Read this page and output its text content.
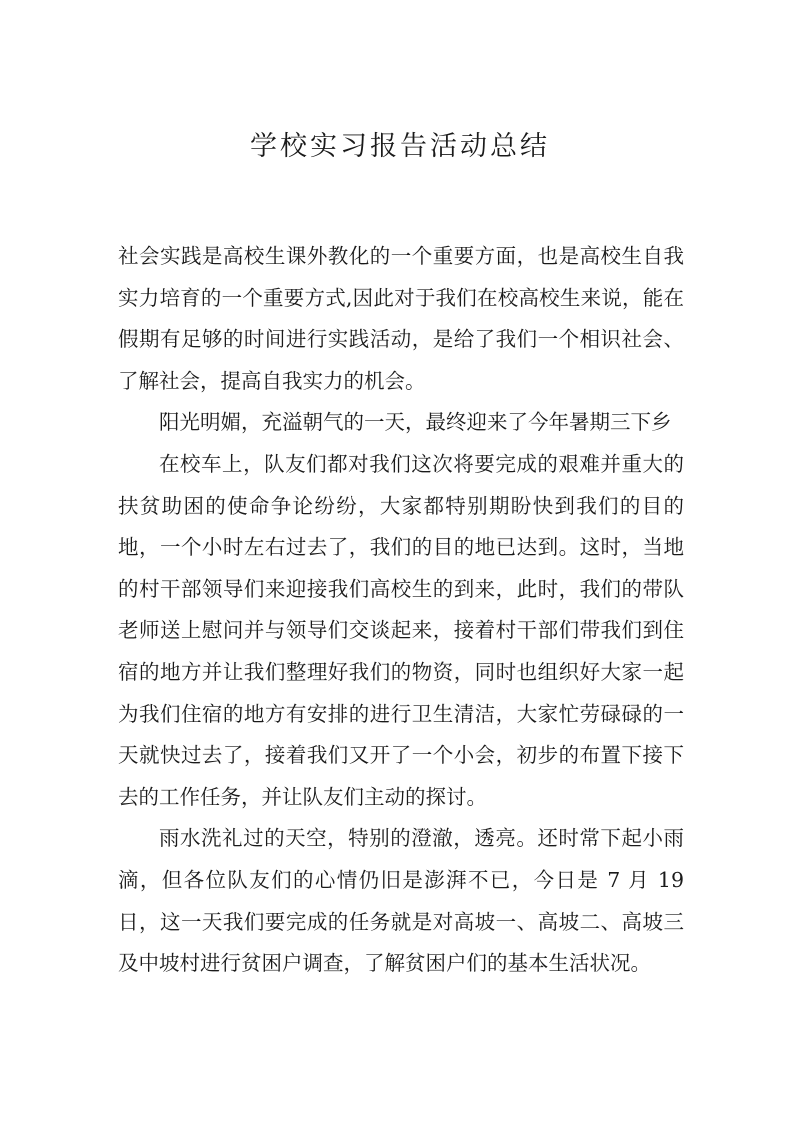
学校实习报告活动总结

社会实践是高校生课外教化的一个重要方面，也是高校生自我实力培育的一个重要方式,因此对于我们在校高校生来说，能在假期有足够的时间进行实践活动，是给了我们一个相识社会、了解社会，提高自我实力的机会。

阳光明媚，充溢朝气的一天，最终迎来了今年暑期三下乡

在校车上，队友们都对我们这次将要完成的艰难并重大的扶贫助困的使命争论纷纷，大家都特别期盼快到我们的目的地，一个小时左右过去了，我们的目的地已达到。这时，当地的村干部领导们来迎接我们高校生的到来，此时，我们的带队老师送上慰问并与领导们交谈起来，接着村干部们带我们到住宿的地方并让我们整理好我们的物资，同时也组织好大家一起为我们住宿的地方有安排的进行卫生清洁，大家忙劳碌碌的一天就快过去了，接着我们又开了一个小会，初步的布置下接下去的工作任务，并让队友们主动的探讨。

雨水洗礼过的天空，特别的澄澈，透亮。还时常下起小雨滴，但各位队友们的心情仍旧是澎湃不已，今日是 7 月 19 日，这一天我们要完成的任务就是对高坡一、高坡二、高坡三及中坡村进行贫困户调查，了解贫困户们的基本生活状况。
